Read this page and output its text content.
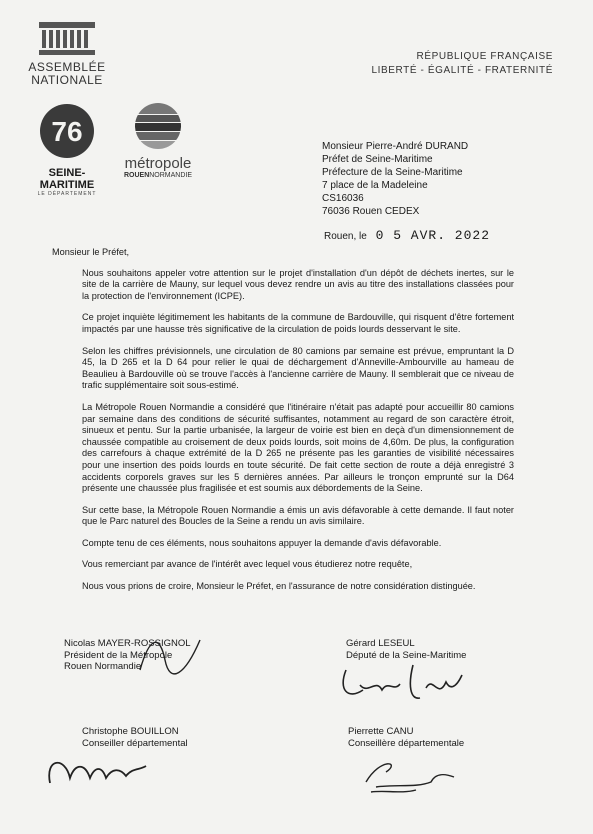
ASSEMBLÉE
NATIONALE
RÉPUBLIQUE FRANÇAISE
LIBERTÉ - ÉGALITÉ - FRATERNITÉ
76
SEINE-MARITIME
LE DÉPARTEMENT
métropole
ROUENNORMANDIE
Monsieur Pierre-André DURAND
Préfet de Seine-Maritime
Préfecture de la Seine-Maritime
7 place de la Madeleine
CS16036
76036 Rouen CEDEX
Rouen, le 0 5 AVR. 2022

Monsieur le Préfet,

Nous souhaitons appeler votre attention sur le projet d'installation d'un dépôt de déchets inertes, sur le site de la carrière de Mauny, sur lequel vous devez rendre un avis au titre des installations classées pour la protection de l'environnement (ICPE).

Ce projet inquiète légitimement les habitants de la commune de Bardouville, qui risquent d'être fortement impactés par une hausse très significative de la circulation de poids lourds desservant le site.

Selon les chiffres prévisionnels, une circulation de 80 camions par semaine est prévue, empruntant la D 45, la D 265 et la D 64 pour relier le quai de déchargement d'Anneville-Ambourville au hameau de Beaulieu à Bardouville où se trouve l'accès à l'ancienne carrière de Mauny. Il semblerait que ce niveau de trafic supplémentaire soit sous-estimé.

La Métropole Rouen Normandie a considéré que l'itinéraire n'était pas adapté pour accueillir 80 camions par semaine dans des conditions de sécurité suffisantes, notamment au regard de son caractère étroit, sinueux et pentu. Sur la partie urbanisée, la largeur de voirie est bien en deçà d'un dimensionnement de chaussée compatible au croisement de deux poids lourds, soit moins de 4,60m. De plus, la configuration des carrefours à chaque extrémité de la D 265 ne présente pas les garanties de visibilité nécessaires pour une insertion des poids lourds en toute sécurité. De fait cette section de route a déjà enregistré 3 accidents corporels graves sur les 5 dernières années. Par ailleurs le tronçon emprunté sur la D64 présente une chaussée plus fragilisée et est soumis aux débordements de la Seine.

Sur cette base, la Métropole Rouen Normandie a émis un avis défavorable à cette demande. Il faut noter que le Parc naturel des Boucles de la Seine a rendu un avis similaire.

Compte tenu de ces éléments, nous souhaitons appuyer la demande d'avis défavorable.

Vous remerciant par avance de l'intérêt avec lequel vous étudierez notre requête,

Nous vous prions de croire, Monsieur le Préfet, en l'assurance de notre considération distinguée.

Nicolas MAYER-ROSSIGNOL
Président de la Métropole
Rouen Normandie
Gérard LESEUL
Député de la Seine-Maritime
Christophe BOUILLON
Conseiller départemental
Pierrette CANU
Conseillère départementale
